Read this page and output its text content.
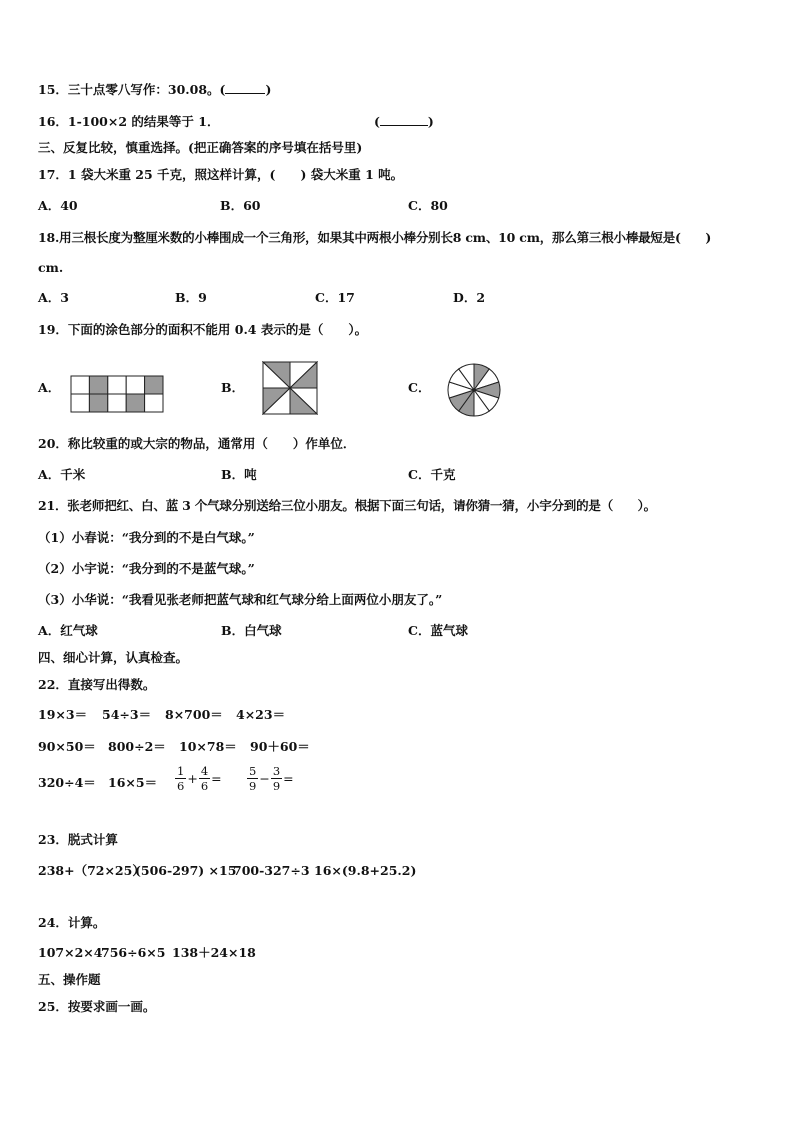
15．三十点零八写作：30.08。(	)
16．1-100×2 的结果等于 1．	(	)
三、反复比较，慎重选择。(把正确答案的序号填在括号里)
17．1 袋大米重 25 千克，照这样计算，(　　) 袋大米重 1 吨。
A．40	B．60	C．80
18.用三根长度为整厘米数的小棒围成一个三角形，如果其中两根小棒分别长8 cm、10 cm，那么第三根小棒最短是(　　)
cm.
A．3	B．9	C．17	D．2
19．下面的涂色部分的面积不能用 0.4 表示的是（　　）。
A．	B．	C．
20．称比较重的或大宗的物品，通常用（　　）作单位．
A．千米	B．吨	C．千克
21．张老师把红、白、蓝 3 个气球分别送给三位小朋友。根据下面三句话，请你猜一猜，小宇分到的是（　　）。
（1）小春说：“我分到的不是白气球。”
（2）小宇说：“我分到的不是蓝气球。”
（3）小华说：“我看见张老师把蓝气球和红气球分给上面两位小朋友了。”
A．红气球	B．白气球	C．蓝气球
四、细心计算，认真检查。
22．直接写出得数。
19×3＝ 54÷3＝ 8×700＝ 4×23＝
90×50＝ 800÷2＝ 10×78＝ 90＋60＝
$320\div 4= 16\times 5= \frac{1}{6} + \frac{4}{6} = \frac{5}{9} - \frac{3}{9}$ =
23．脱式计算
238+（72×25）
(506-297) ×15
700-327÷3 16×(9.8+25.2)
24．计算。
107×2×4
756÷6×5 138＋24×18
五、操作题
25．按要求画一画。
